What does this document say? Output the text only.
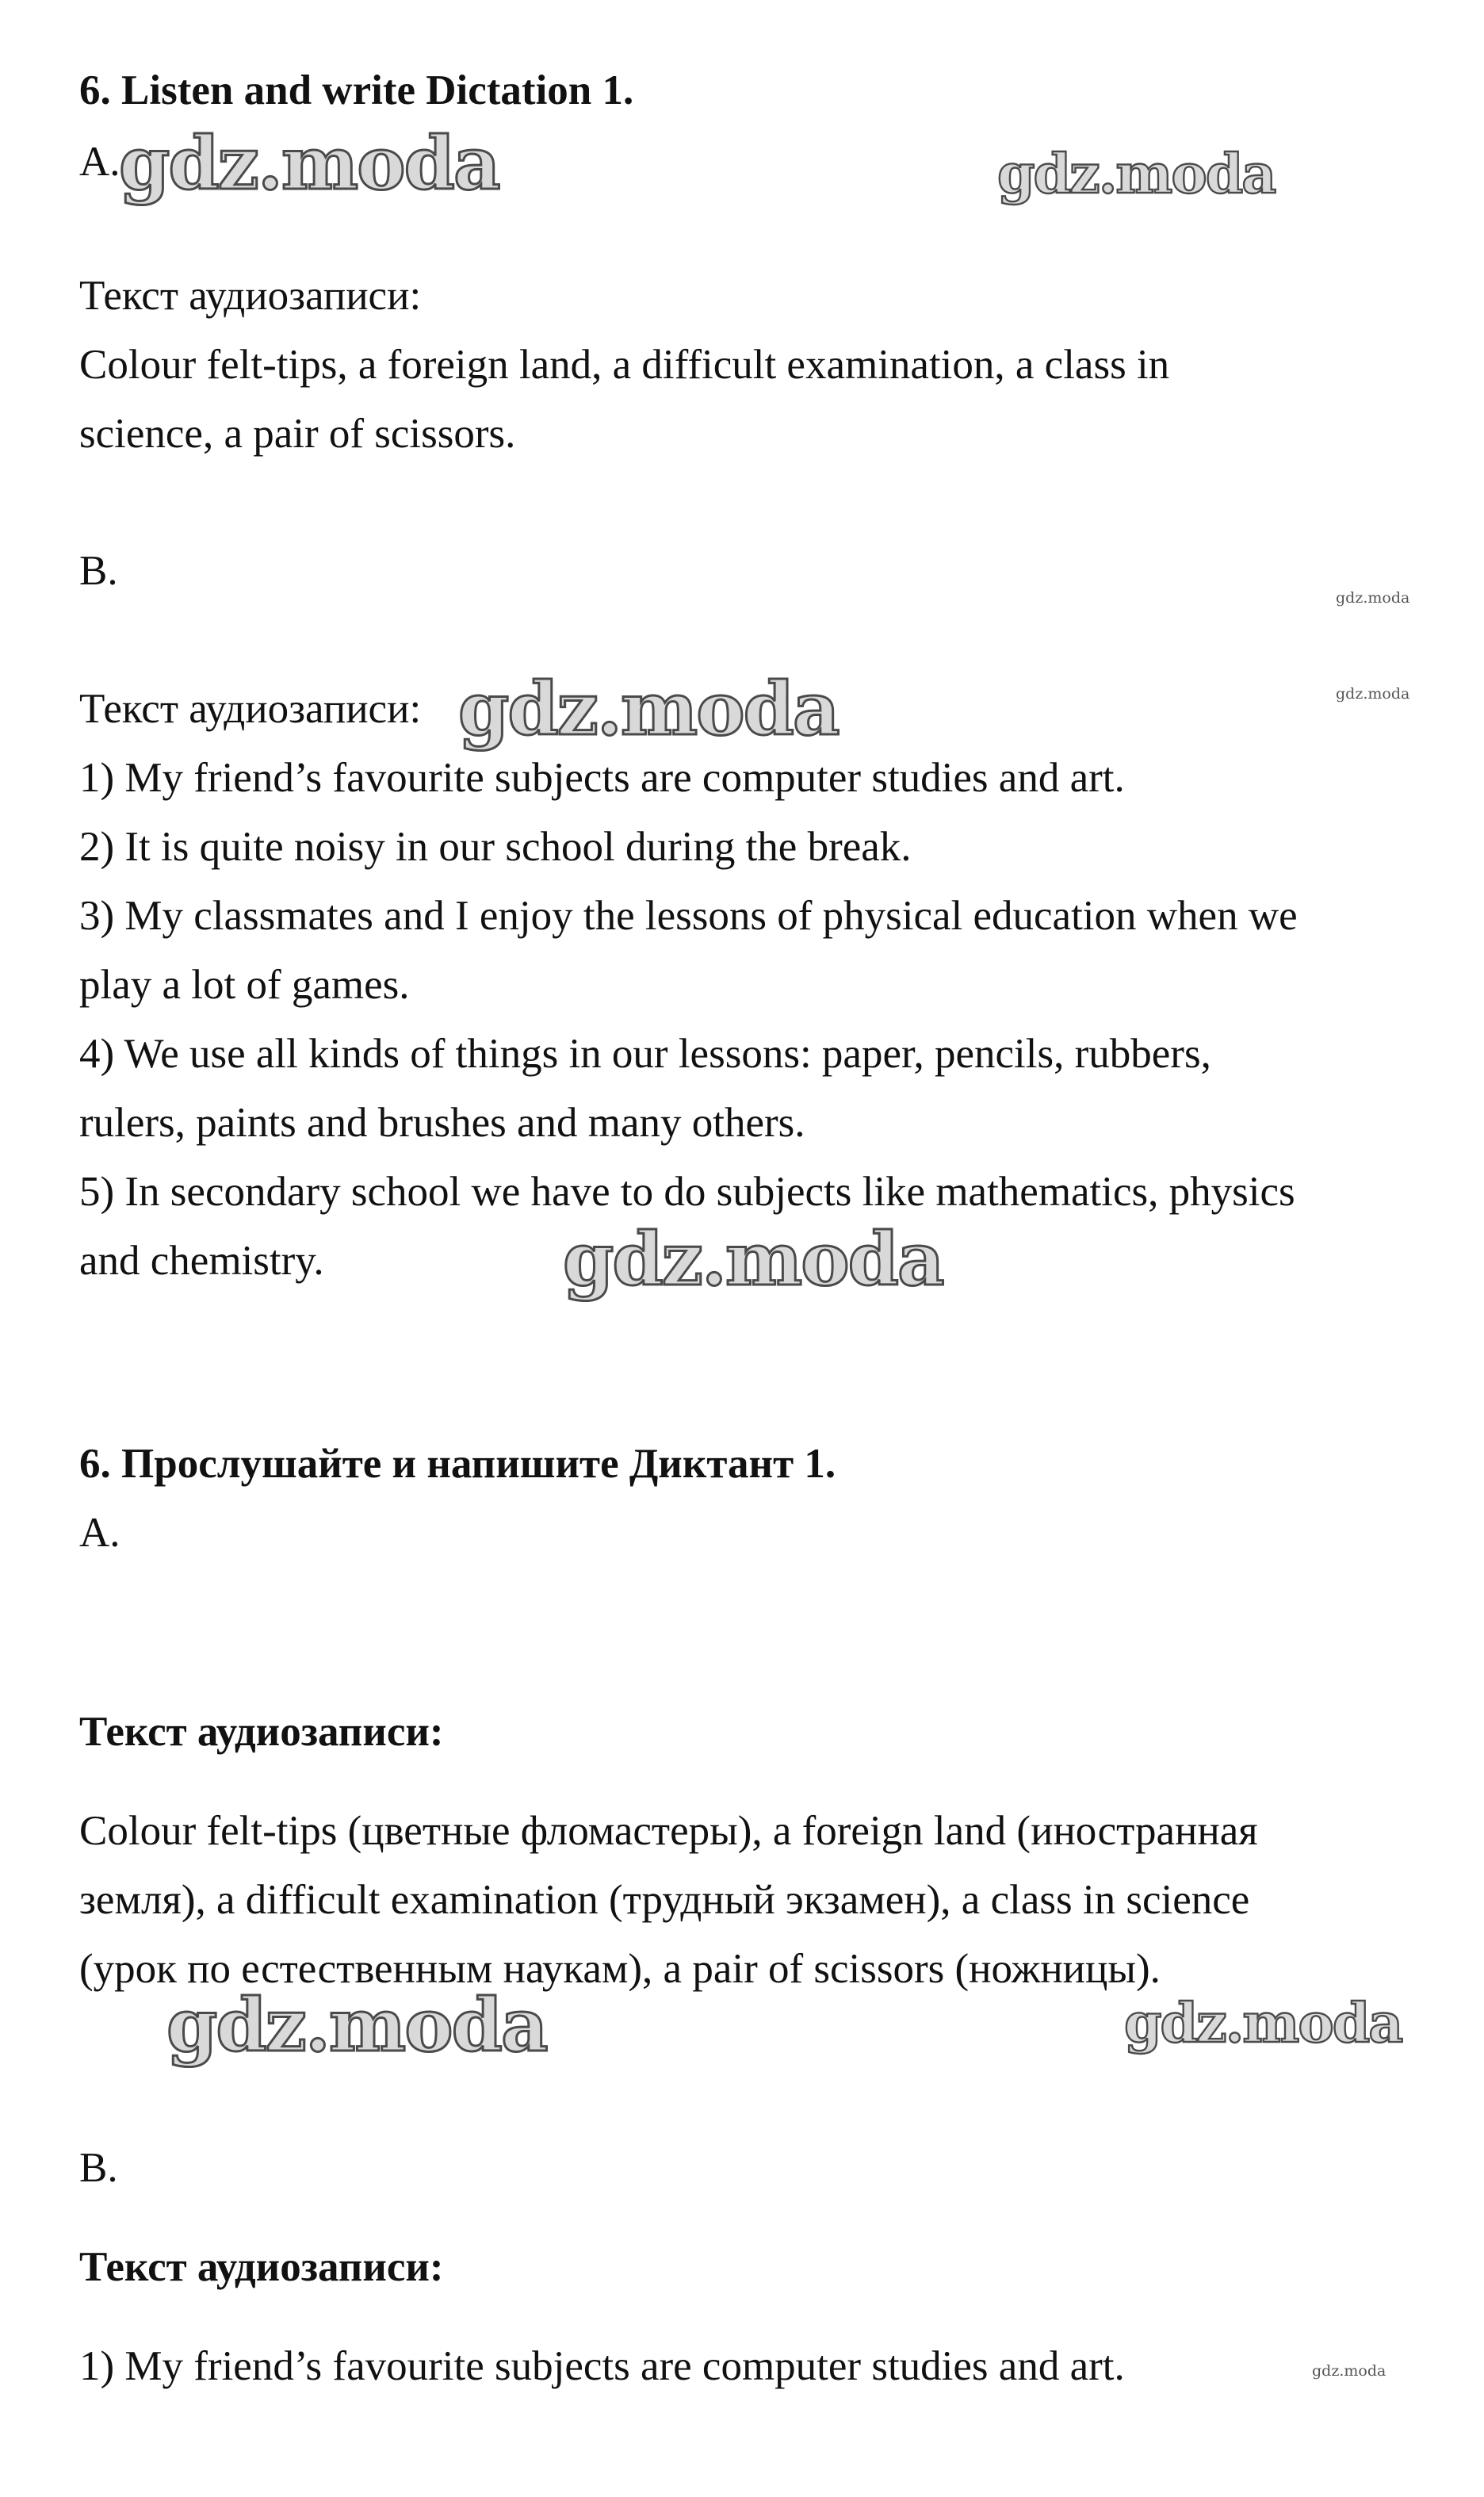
6. Listen and write Dictation 1.
A.
Текст аудиозаписи:
Colour felt-tips, a foreign land, a difficult examination, a class in
science, a pair of scissors.
B.
Текст аудиозаписи:
1) My friend’s favourite subjects are computer studies and art.
2) It is quite noisy in our school during the break.
3) My classmates and I enjoy the lessons of physical education when we
play a lot of games.
4) We use all kinds of things in our lessons: paper, pencils, rubbers,
rulers, paints and brushes and many others.
5) In secondary school we have to do subjects like mathematics, physics
and chemistry.
6. Прослушайте и напишите Диктант 1.
А.
Текст аудиозаписи:
Colour felt-tips (цветные фломастеры), a foreign land (иностранная
земля), a difficult examination (трудный экзамен), a class in science
(урок по естественным наукам), a pair of scissors (ножницы).
B.
Текст аудиозаписи:
1) My friend’s favourite subjects are computer studies and art.
gdz.moda	gdz.moda
gdz.moda
gdz.moda	gdz.moda
gdz.moda
gdz.moda	gdz.moda
gdz.moda
